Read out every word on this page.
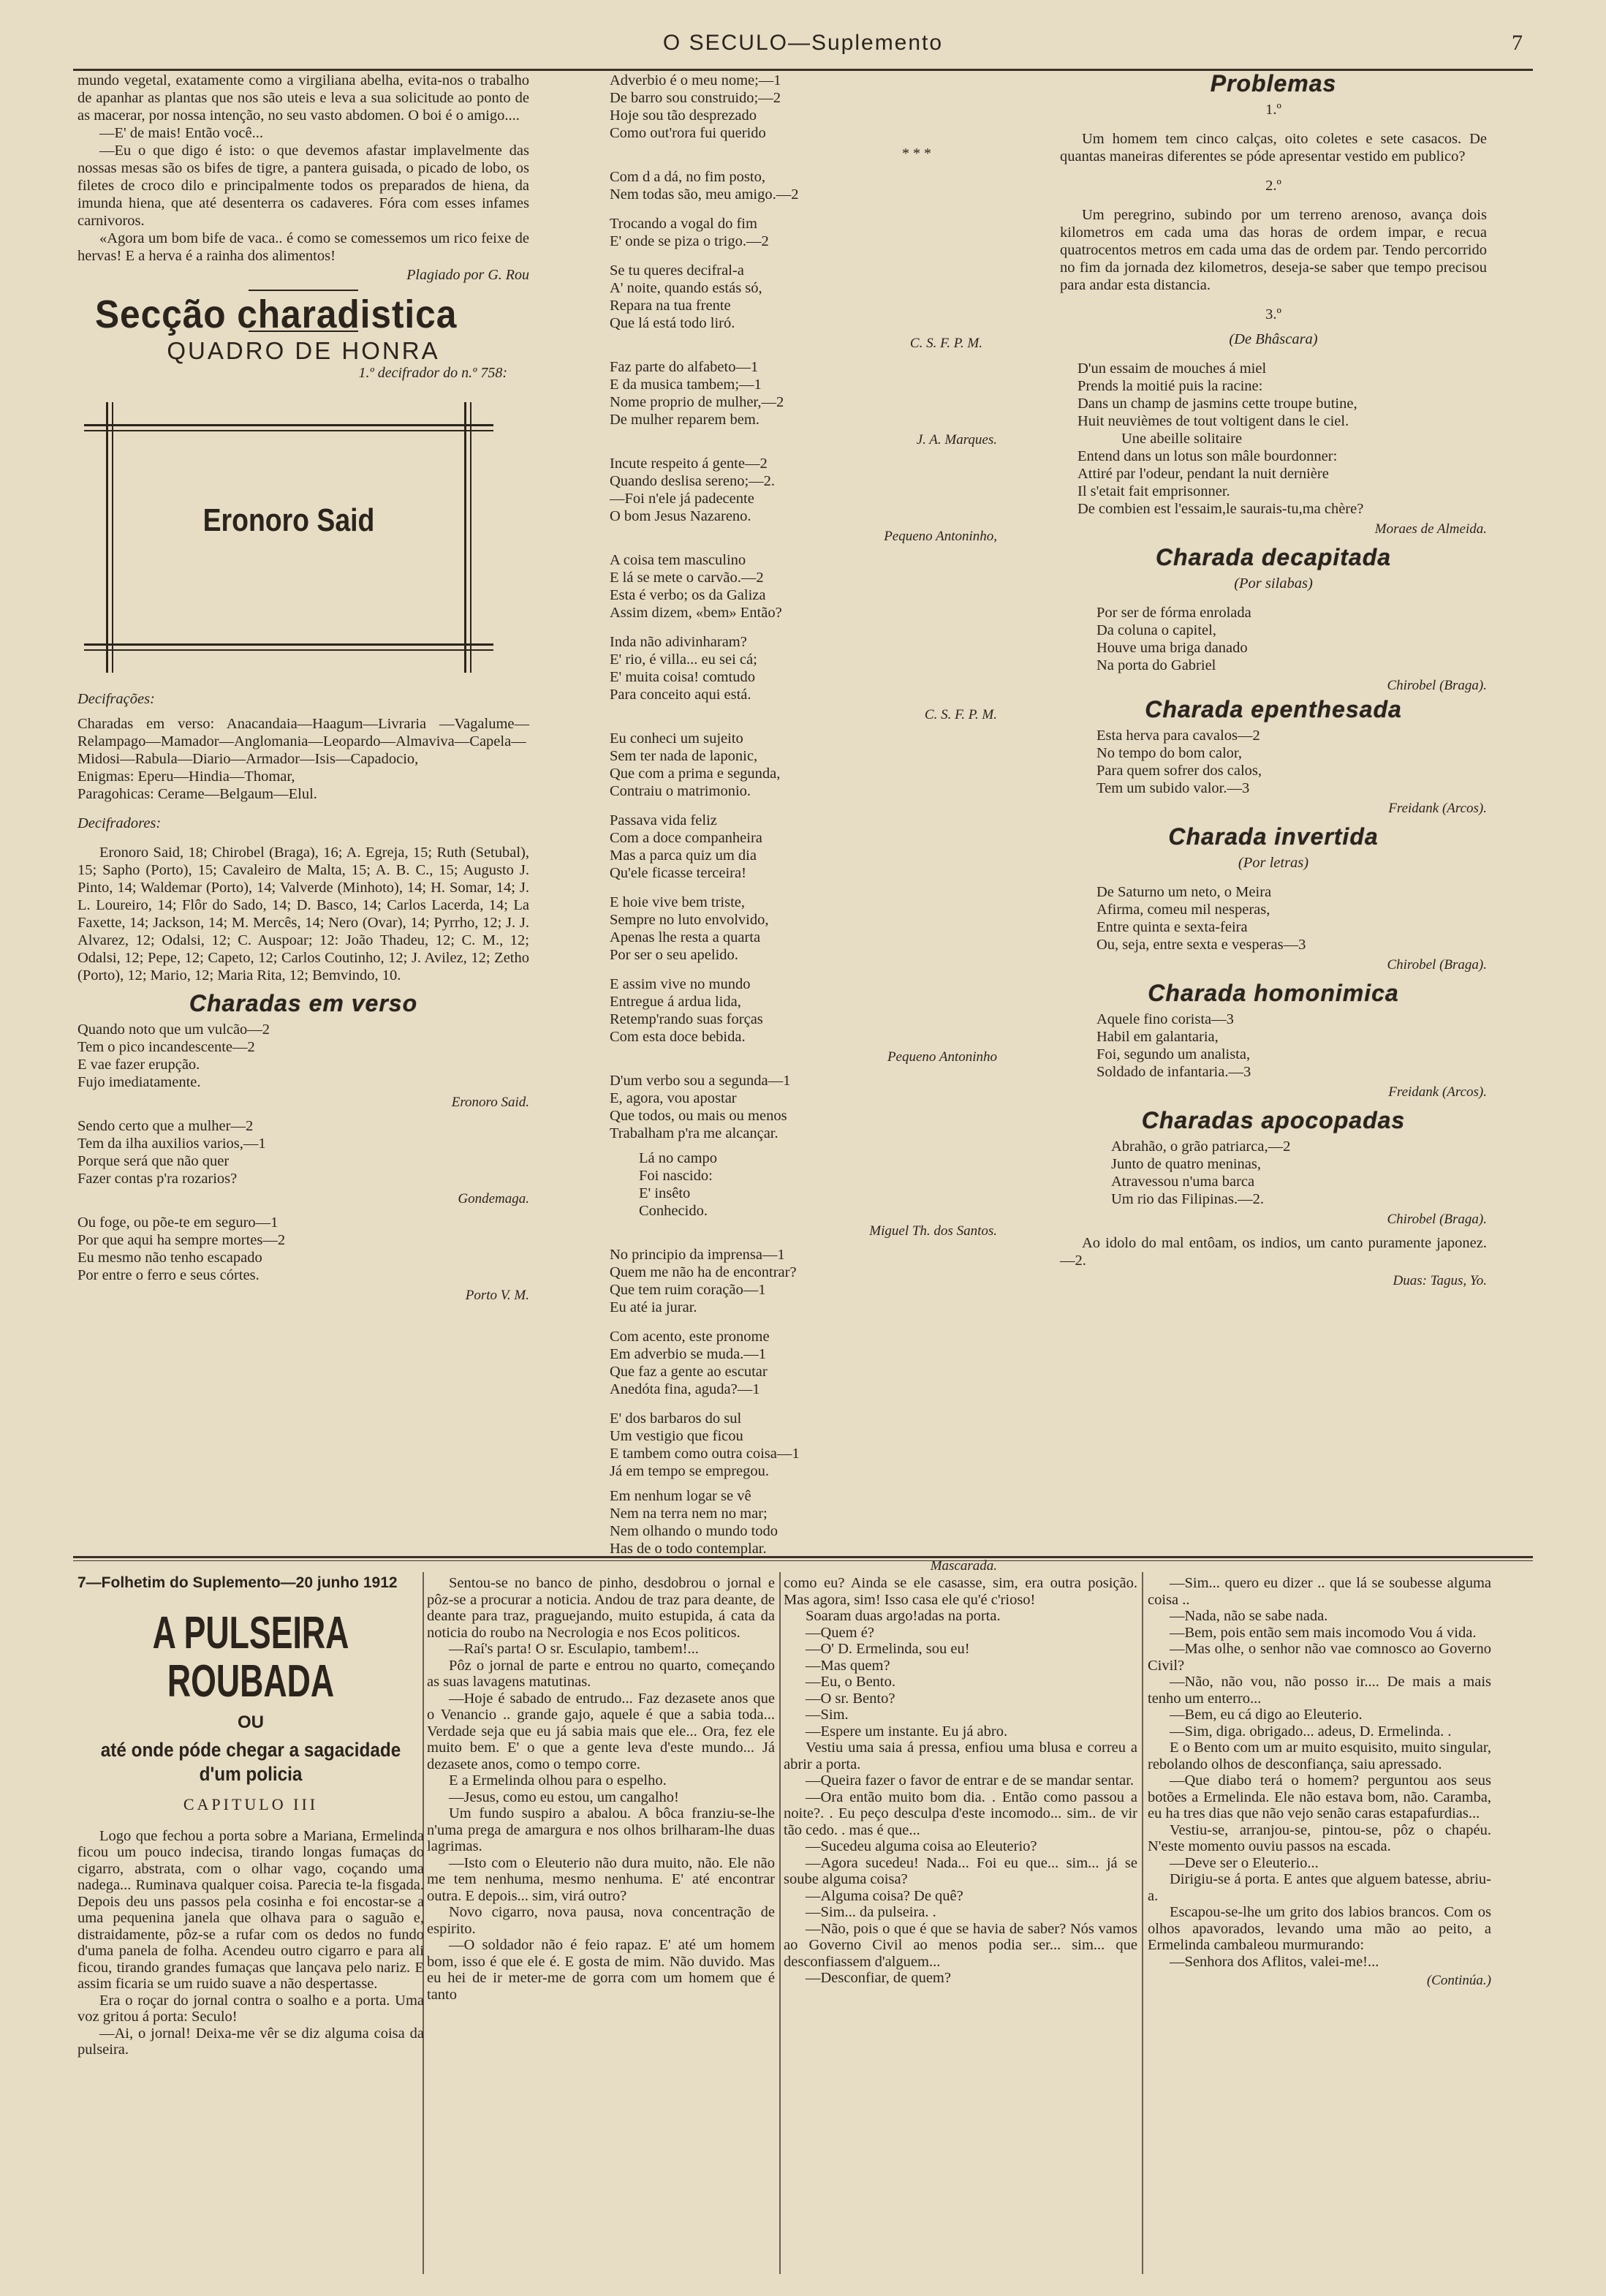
O SECULO—Suplemento	7

mundo vegetal, exatamente como a virgiliana abelha, evita-nos o trabalho de apanhar as plantas que nos são uteis e leva a sua solicitude ao ponto de as macerar, por nossa intenção, no seu vasto abdomen. O boi é o amigo....

—E' de mais! Então você...

—Eu o que digo é isto: o que devemos afastar implavelmente das nossas mesas são os bifes de tigre, a pantera guisada, o picado de lobo, os filetes de croco dilo e principalmente todos os preparados de hiena, da imunda hiena, que até desenterra os cadaveres. Fóra com esses infames carnivoros.

«Agora um bom bife de vaca.. é como se comessemos um rico feixe de hervas! E a herva é a rainha dos alimentos!

Plagiado por G. Rou
Secção charadistica
QUADRO DE HONRA
1.º decifrador do n.º 758:
Eronoro Said

Decifrações:

Charadas em verso: Anacandaia—Haagum—Livraria —Vagalume—Relampago—Mamador—Anglomania—Leopardo—Almaviva—Capela—Midosi—Rabula—Diario—Armador—Isis—Capadocio,

Enigmas: Eperu—Hindia—Thomar,

Paragohicas: Cerame—Belgaum—Elul.

Decifradores:

Eronoro Said, 18; Chirobel (Braga), 16; A. Egreja, 15; Ruth (Setubal), 15; Sapho (Porto), 15; Cavaleiro de Malta, 15; A. B. C., 15; Augusto J. Pinto, 14; Waldemar (Porto), 14; Valverde (Minhoto), 14; H. Somar, 14; J. L. Loureiro, 14; Flôr do Sado, 14; D. Basco, 14; Carlos Lacerda, 14; La Faxette, 14; Jackson, 14; M. Mercês, 14; Nero (Ovar), 14; Pyrrho, 12; J. J. Alvarez, 12; Odalsi, 12; C. Auspoar; 12: João Thadeu, 12; C. M., 12; Odalsi, 12; Pepe, 12; Capeto, 12; Carlos Coutinho, 12; J. Avilez, 12; Zetho (Porto), 12; Mario, 12; Maria Rita, 12; Bemvindo, 10.

Charadas em verso

Quando noto que um vulcão—2

Tem o pico incandescente—2

E vae fazer erupção.

Fujo imediatamente.

Eronoro Said.

Sendo certo que a mulher—2

Tem da ilha auxilios varios,—1

Porque será que não quer

Fazer contas p'ra rozarios?

Gondemaga.

Ou foge, ou põe-te em seguro—1

Por que aqui ha sempre mortes—2

Eu mesmo não tenho escapado

Por entre o ferro e seus córtes.

Porto V. M.

Adverbio é o meu nome;—1

De barro sou construido;—2

Hoje sou tão desprezado

Como out'rora fui querido

* * *

Com d a dá, no fim posto,

Nem todas são, meu amigo.—2

Trocando a vogal do fim

E' onde se piza o trigo.—2

Se tu queres decifral-a

A' noite, quando estás só,

Repara na tua frente

Que lá está todo liró.

C. S. F. P. M.

Faz parte do alfabeto—1

E da musica tambem;—1

Nome proprio de mulher,—2

De mulher reparem bem.

J. A. Marques.

Incute respeito á gente—2

Quando deslisa sereno;—2.

—Foi n'ele já padecente

O bom Jesus Nazareno.

Pequeno Antoninho,

A coisa tem masculino

E lá se mete o carvão.—2

Esta é verbo; os da Galiza

Assim dizem, «bem» Então?

Inda não adivinharam?

E' rio, é villa... eu sei cá;

E' muita coisa! comtudo

Para conceito aqui está.

C. S. F. P. M.

Eu conheci um sujeito

Sem ter nada de laponic,

Que com a prima e segunda,

Contraiu o matrimonio.

Passava vida feliz

Com a doce companheira

Mas a parca quiz um dia

Qu'ele ficasse terceira!

E hoie vive bem triste,

Sempre no luto envolvido,

Apenas lhe resta a quarta

Por ser o seu apelido.

E assim vive no mundo

Entregue á ardua lida,

Retemp'rando suas forças

Com esta doce bebida.

Pequeno Antoninho

D'um verbo sou a segunda—1

E, agora, vou apostar

Que todos, ou mais ou menos

Trabalham p'ra me alcançar.

Lá no campo

Foi nascido:

E' insêto

Conhecido.

Miguel Th. dos Santos.

No principio da imprensa—1

Quem me não ha de encontrar?

Que tem ruim coração—1

Eu até ia jurar.

Com acento, este pronome

Em adverbio se muda.—1

Que faz a gente ao escutar

Anedóta fina, aguda?—1

E' dos barbaros do sul

Um vestigio que ficou

E tambem como outra coisa—1

Já em tempo se empregou.

Em nenhum logar se vê

Nem na terra nem no mar;

Nem olhando o mundo todo

Has de o todo contemplar.

Mascarada.
Problemas

1.º

Um homem tem cinco calças, oito coletes e sete casacos. De quantas maneiras diferentes se póde apresentar vestido em publico?

2.º

Um peregrino, subindo por um terreno arenoso, avança dois kilometros em cada uma das horas de ordem impar, e recua quatrocentos metros em cada uma das de ordem par. Tendo percorrido no fim da jornada dez kilometros, deseja-se saber que tempo precisou para andar esta distancia.

3.º

(De Bhâscara)

D'un essaim de mouches á miel

Prends la moitié puis la racine:

Dans un champ de jasmins cette troupe butine,

Huit neuvièmes de tout voltigent dans le ciel.

Une abeille solitaire

Entend dans un lotus son mâle bourdonner:

Attiré par l'odeur, pendant la nuit dernière

Il s'etait fait emprisonner.

De combien est l'essaim,le saurais-tu,ma chère?

Moraes de Almeida.
Charada decapitada

(Por silabas)

Por ser de fórma enrolada

Da coluna o capitel,

Houve uma briga danado

Na porta do Gabriel

Chirobel (Braga).
Charada epenthesada

Esta herva para cavalos—2

No tempo do bom calor,

Para quem sofrer dos calos,

Tem um subido valor.—3

Freidank (Arcos).
Charada invertida

(Por letras)

De Saturno um neto, o Meira

Afirma, comeu mil nesperas,

Entre quinta e sexta-feira

Ou, seja, entre sexta e vesperas—3

Chirobel (Braga).
Charada homonimica

Aquele fino corista—3

Habil em galantaria,

Foi, segundo um analista,

Soldado de infantaria.—3

Freidank (Arcos).
Charadas apocopadas

Abrahão, o grão patriarca,—2

Junto de quatro meninas,

Atravessou n'uma barca

Um rio das Filipinas.—2.

Chirobel (Braga).

Ao idolo do mal entôam, os indios, um canto puramente japonez.—2.

Duas: Tagus, Yo.
7—Folhetim do Suplemento—20 junho 1912
A PULSEIRA ROUBADA
OU
até onde póde chegar a sagacidade d'um policia
CAPITULO III

Logo que fechou a porta sobre a Mariana, Ermelinda ficou um pouco indecisa, tirando longas fumaças do cigarro, abstrata, com o olhar vago, coçando uma nadega... Ruminava qualquer coisa. Parecia te-la fisgada. Depois deu uns passos pela cosinha e foi encostar-se a uma pequenina janela que olhava para o saguão e, distraidamente, pôz-se a rufar com os dedos no fundo d'uma panela de folha. Acendeu outro cigarro e para ali ficou, tirando grandes fumaças que lançava pelo nariz. E assim ficaria se um ruido suave a não despertasse.

Era o roçar do jornal contra o soalho e a porta. Uma voz gritou á porta: Seculo!

—Ai, o jornal! Deixa-me vêr se diz alguma coisa da pulseira.

Sentou-se no banco de pinho, desdobrou o jornal e pôz-se a procurar a noticia. Andou de traz para deante, de deante para traz, praguejando, muito estupida, á cata da noticia do roubo na Necrologia e nos Ecos politicos.

—Raí's parta! O sr. Esculapio, tambem!...

Pôz o jornal de parte e entrou no quarto, começando as suas lavagens matutinas.

—Hoje é sabado de entrudo... Faz dezasete anos que o Venancio .. grande gajo, aquele é que a sabia toda... Verdade seja que eu já sabia mais que ele... Ora, fez ele muito bem. E' o que a gente leva d'este mundo... Já dezasete anos, como o tempo corre.

E a Ermelinda olhou para o espelho.

—Jesus, como eu estou, um cangalho!

Um fundo suspiro a abalou. A bôca franziu-se-lhe n'uma prega de amargura e nos olhos brilharam-lhe duas lagrimas.

—Isto com o Eleuterio não dura muito, não. Ele não me tem nenhuma, mesmo nenhuma. E' até encontrar outra. E depois... sim, virá outro?

Novo cigarro, nova pausa, nova concentração de espirito.

—O soldador não é feio rapaz. E' até um homem bom, isso é que ele é. E gosta de mim. Não duvido. Mas eu hei de ir meter-me de gorra com um homem que é tanto

como eu? Ainda se ele casasse, sim, era outra posição. Mas agora, sim! Isso casa ele qu'é c'rioso!

Soaram duas argo!adas na porta.

—Quem é?

—O' D. Ermelinda, sou eu!

—Mas quem?

—Eu, o Bento.

—O sr. Bento?

—Sim.

—Espere um instante. Eu já abro.

Vestiu uma saia á pressa, enfiou uma blusa e correu a abrir a porta.

—Queira fazer o favor de entrar e de se mandar sentar.

—Ora então muito bom dia. . Então como passou a noite?. . Eu peço desculpa d'este incomodo... sim.. de vir tão cedo. . mas é que...

—Sucedeu alguma coisa ao Eleuterio?

—Agora sucedeu! Nada... Foi eu que... sim... já se soube alguma coisa?

—Alguma coisa? De quê?

—Sim... da pulseira. .

—Não, pois o que é que se havia de saber? Nós vamos ao Governo Civil ao menos podia ser... sim... que desconfiassem d'alguem...

—Desconfiar, de quem?

—Sim... quero eu dizer .. que lá se soubesse alguma coisa ..

—Nada, não se sabe nada.

—Bem, pois então sem mais incomodo Vou á vida.

—Mas olhe, o senhor não vae comnosco ao Governo Civil?

—Não, não vou, não posso ir.... De mais a mais tenho um enterro...

—Bem, eu cá digo ao Eleuterio.

—Sim, diga. obrigado... adeus, D. Ermelinda. .

E o Bento com um ar muito esquisito, muito singular, rebolando olhos de desconfiança, saiu apressado.

—Que diabo terá o homem? perguntou aos seus botões a Ermelinda. Ele não estava bom, não. Caramba, eu ha tres dias que não vejo senão caras estapafurdias...

Vestiu-se, arranjou-se, pintou-se, pôz o chapéu. N'este momento ouviu passos na escada.

—Deve ser o Eleuterio...

Dirigiu-se á porta. E antes que alguem batesse, abriu-a.

Escapou-se-lhe um grito dos labios brancos. Com os olhos apavorados, levando uma mão ao peito, a Ermelinda cambaleou murmurando:

—Senhora dos Aflitos, valei-me!...

(Continúa.)
